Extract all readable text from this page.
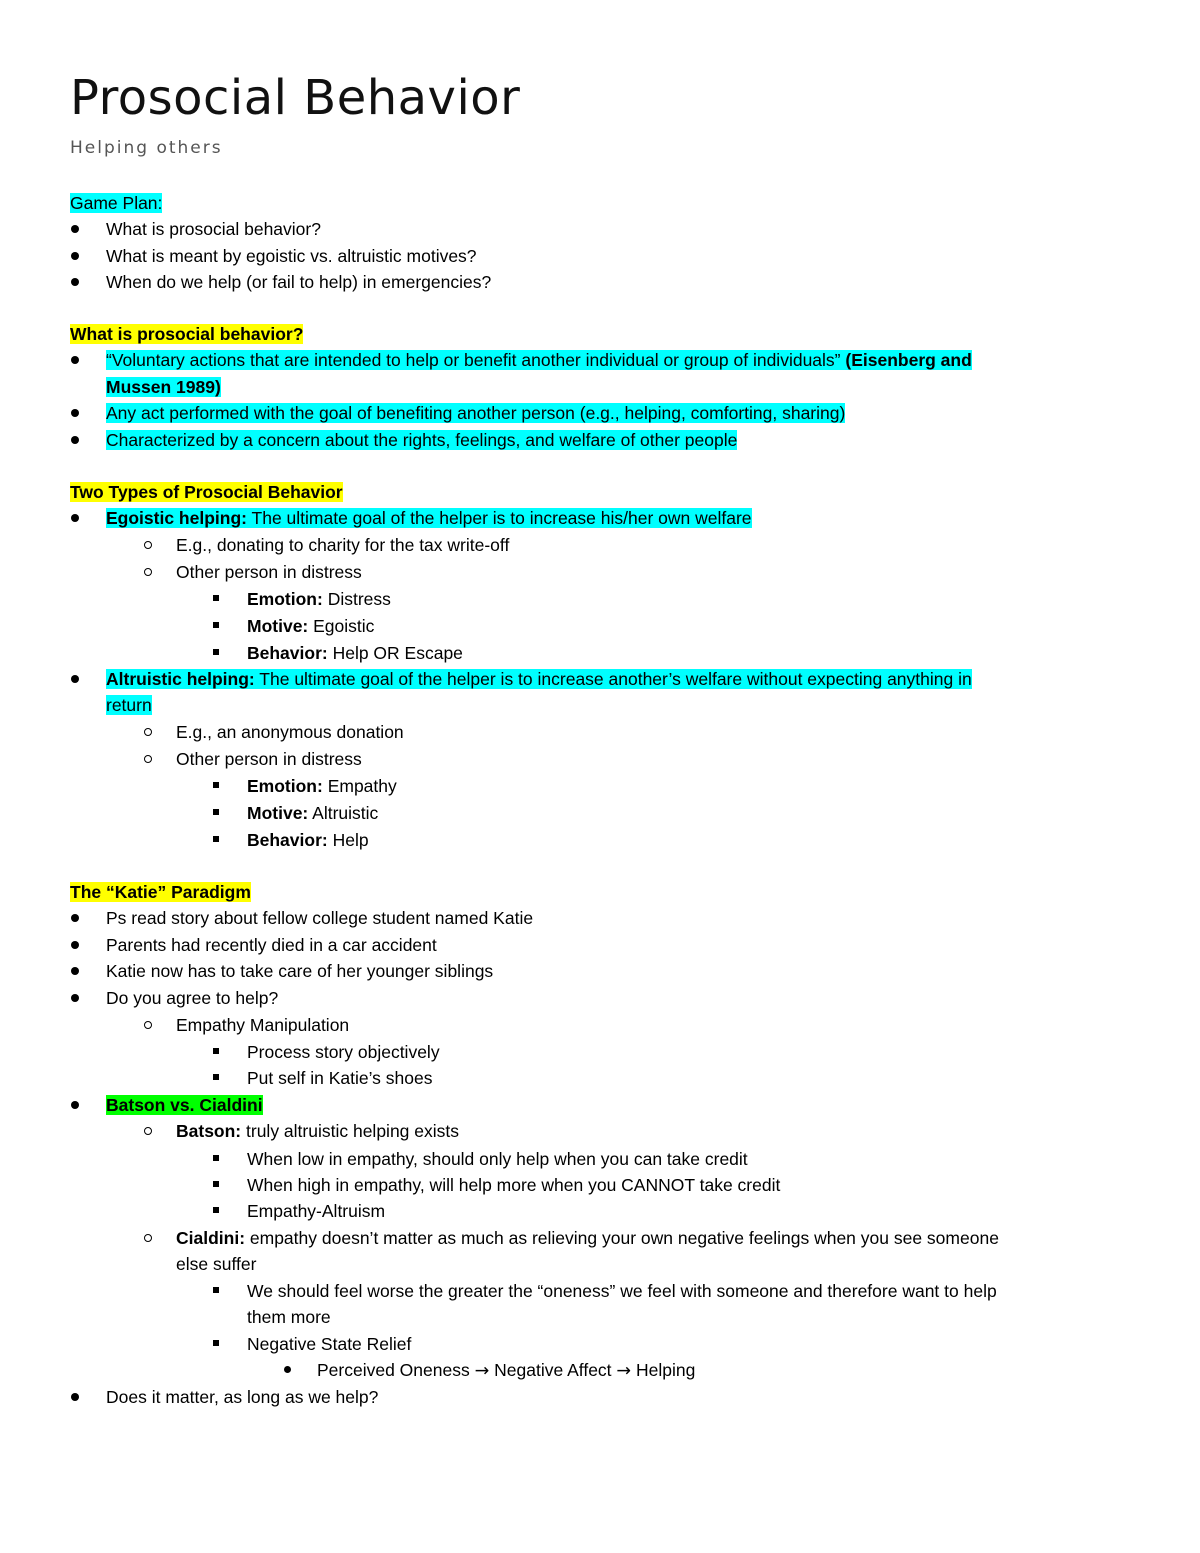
Prosocial Behavior
Helping others
Game Plan:
What is prosocial behavior?
What is meant by egoistic vs. altruistic motives?
When do we help (or fail to help) in emergencies?
What is prosocial behavior?
“Voluntary actions that are intended to help or benefit another individual or group of individuals” (Eisenberg and
Mussen 1989)
Any act performed with the goal of benefiting another person (e.g., helping, comforting, sharing)
Characterized by a concern about the rights, feelings, and welfare of other people
Two Types of Prosocial Behavior
Egoistic helping: The ultimate goal of the helper is to increase his/her own welfare
E.g., donating to charity for the tax write-off
Other person in distress
Emotion: Distress
Motive: Egoistic
Behavior: Help OR Escape
Altruistic helping: The ultimate goal of the helper is to increase another’s welfare without expecting anything in
return
E.g., an anonymous donation
Other person in distress
Emotion: Empathy
Motive: Altruistic
Behavior: Help
The “Katie” Paradigm
Ps read story about fellow college student named Katie
Parents had recently died in a car accident
Katie now has to take care of her younger siblings
Do you agree to help?
Empathy Manipulation
Process story objectively
Put self in Katie’s shoes
Batson vs. Cialdini
Batson: truly altruistic helping exists
When low in empathy, should only help when you can take credit
When high in empathy, will help more when you CANNOT take credit
Empathy-Altruism
Cialdini: empathy doesn’t matter as much as relieving your own negative feelings when you see someone
else suffer
We should feel worse the greater the “oneness” we feel with someone and therefore want to help
them more
Negative State Relief
Perceived Oneness → Negative Affect → Helping
Does it matter, as long as we help?
